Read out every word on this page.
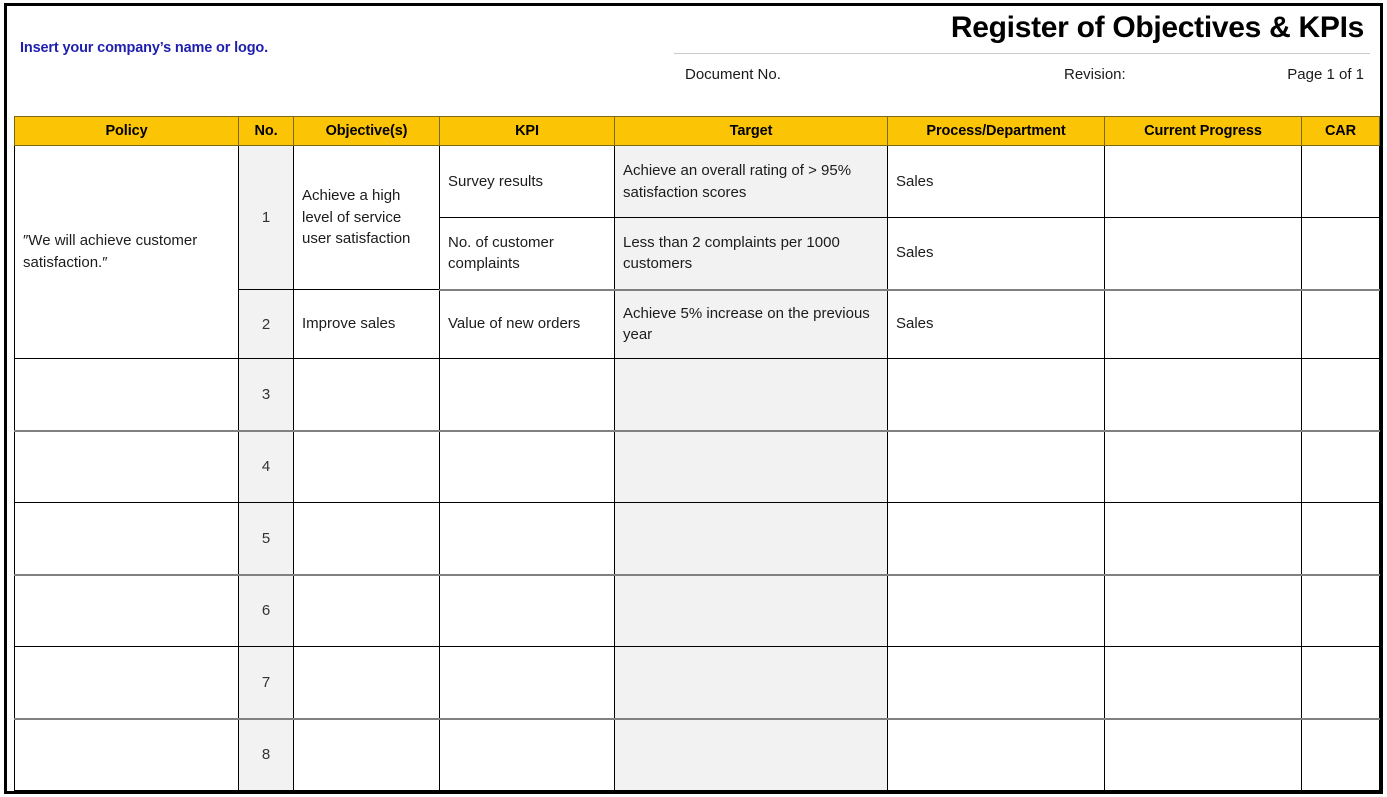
Insert your company’s name or logo.
Register of Objectives & KPIs
Document No.	Revision:	Page 1 of 1
Policy	No.	Objective(s)	KPI	Target	Process/Department	Current Progress	CAR

″We will achieve customer satisfaction.″	1	Achieve a high level of service user satisfaction	Survey results	Achieve an overall rating of > 95% satisfaction scores	Sales		

			No. of customer complaints	Less than 2 complaints per 1000 customers	Sales		

	2	Improve sales	Value of new orders	Achieve 5% increase on the previous year	Sales		

	3	

	4	

	5	

	6	

	7	

	8	
